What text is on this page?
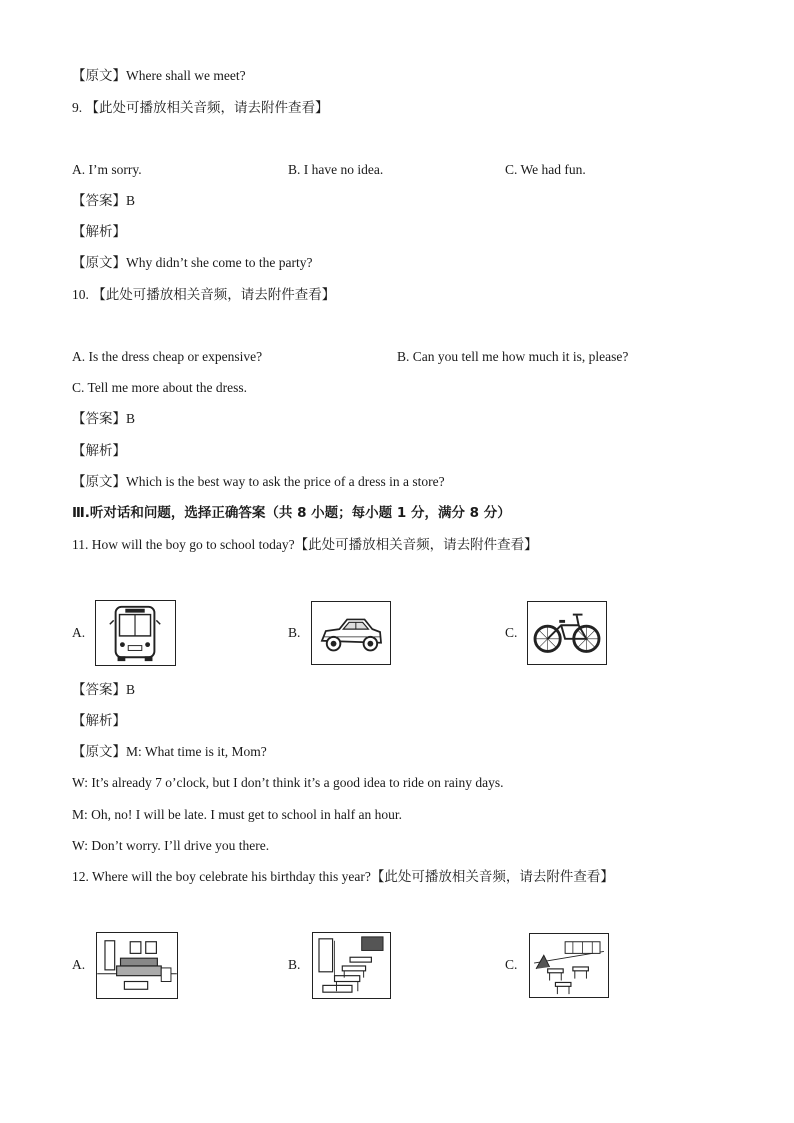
【原文】Where shall we meet?
9. 【此处可播放相关音频，请去附件查看】
A. I’m sorry.	B. I have no idea.	C. We had fun.
【答案】B
【解析】
【原文】Why didn’t she come to the party?
10. 【此处可播放相关音频，请去附件查看】
A. Is the dress cheap or expensive?	B. Can you tell me how much it is, please?
C. Tell me more about the dress.
【答案】B
【解析】
【原文】Which is the best way to ask the price of a dress in a store?
Ⅲ.听对话和问题，选择正确答案（共 8 小题；每小题 1 分，满分 8 分）
11. How will the boy go to school today?【此处可播放相关音频，请去附件查看】
A.	B.	C.
【答案】B
【解析】
【原文】M: What time is it, Mom?
W: It’s already 7 o’clock, but I don’t think it’s a good idea to ride on rainy days.
M: Oh, no! I will be late. I must get to school in half an hour.
W: Don’t worry. I’ll drive you there.
12. Where will the boy celebrate his birthday this year?【此处可播放相关音频，请去附件查看】
A.	B.	C.
